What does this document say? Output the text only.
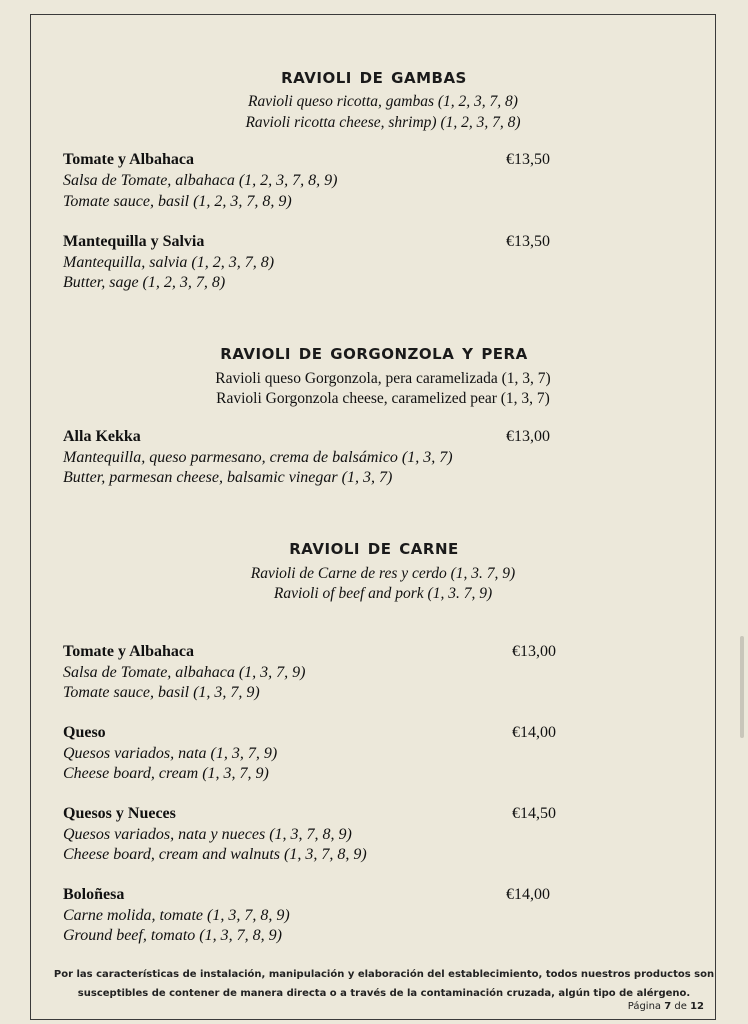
ravioli de gambas
Ravioli queso ricotta, gambas (1, 2, 3, 7, 8)
Ravioli ricotta cheese, shrimp) (1, 2, 3, 7, 8)
Tomate y Albahaca	€13,50
Salsa de Tomate, albahaca (1, 2, 3, 7, 8, 9)
Tomate sauce, basil (1, 2, 3, 7, 8, 9)
Mantequilla y Salvia	€13,50
Mantequilla, salvia (1, 2, 3, 7, 8)
Butter, sage (1, 2, 3, 7, 8)
ravioli de gorgonzola y pera
Ravioli queso Gorgonzola, pera caramelizada (1, 3, 7)
Ravioli Gorgonzola cheese, caramelized pear (1, 3, 7)
Alla Kekka	€13,00
Mantequilla, queso parmesano, crema de balsámico (1, 3, 7)
Butter, parmesan cheese, balsamic vinegar (1, 3, 7)
ravioli de carne
Ravioli de Carne de res y cerdo (1, 3. 7, 9)
Ravioli of beef and pork (1, 3. 7, 9)
Tomate y Albahaca	€13,00
Salsa de Tomate, albahaca (1, 3, 7, 9)
Tomate sauce, basil (1, 3, 7, 9)
Queso	€14,00
Quesos variados, nata (1, 3, 7, 9)
Cheese board, cream (1, 3, 7, 9)
Quesos y Nueces	€14,50
Quesos variados, nata y nueces (1, 3, 7, 8, 9)
Cheese board, cream and walnuts (1, 3, 7, 8, 9)
Boloñesa	€14,00
Carne molida, tomate (1, 3, 7, 8, 9)
Ground beef, tomato (1, 3, 7, 8, 9)
Por las características de instalación, manipulación y elaboración del establecimiento, todos nuestros productos son
susceptibles de contener de manera directa o a través de la contaminación cruzada, algún tipo de alérgeno.
Página 7 de 12
